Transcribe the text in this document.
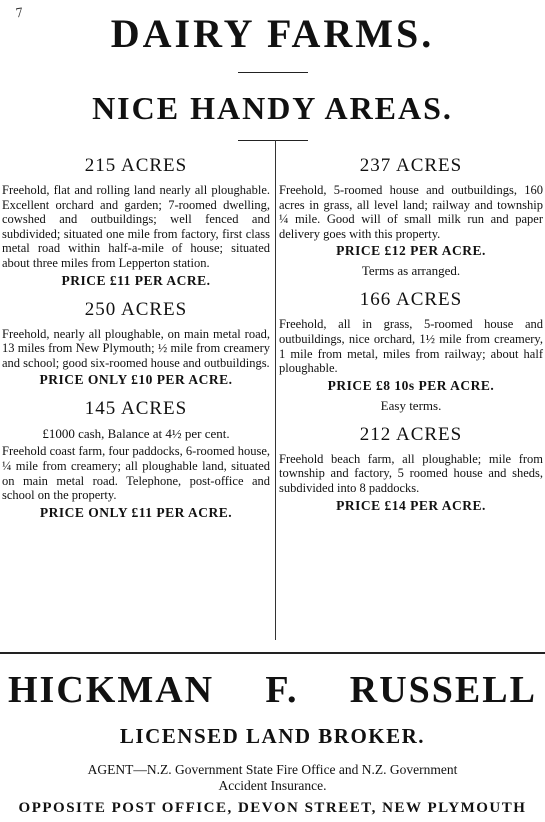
7	DAIRY FARMS.
NICE HANDY AREAS.
215 ACRES

Freehold, flat and rolling land nearly all ploughable. Excellent orchard and garden; 7-roomed dwelling, cowshed and outbuildings; well fenced and subdivided; situated one mile from factory, first class metal road within half-a-mile of house; situated about three miles from Lepperton station.

PRICE £11 PER ACRE.

250 ACRES

Freehold, nearly all ploughable, on main metal road, 13 miles from New Plymouth; ½ mile from creamery and school; good six-roomed house and outbuildings.

PRICE ONLY £10 PER ACRE.

145 ACRES

£1000 cash, Balance at 4½ per cent.

Freehold coast farm, four paddocks, 6-roomed house, ¼ mile from creamery; all ploughable land, situated on main metal road. Telephone, post-office and school on the property.

PRICE ONLY £11 PER ACRE.

237 ACRES

Freehold, 5-roomed house and outbuildings, 160 acres in grass, all level land; railway and township ¼ mile. Good will of small milk run and paper delivery goes with this property.

PRICE £12 PER ACRE.

Terms as arranged.

166 ACRES

Freehold, all in grass, 5-roomed house and outbuildings, nice orchard, 1½ mile from creamery, 1 mile from metal, miles from railway; about half ploughable.

PRICE £8 10s PER ACRE.

Easy terms.

212 ACRES

Freehold beach farm, all ploughable; mile from township and factory, 5 roomed house and sheds, subdivided into 8 paddocks.

PRICE £14 PER ACRE.

HICKMAN F. RUSSELL
LICENSED LAND BROKER.
AGENT—N.Z. Government State Fire Office and N.Z. Government
Accident Insurance.
OPPOSITE POST OFFICE, DEVON STREET, NEW PLYMOUTH
